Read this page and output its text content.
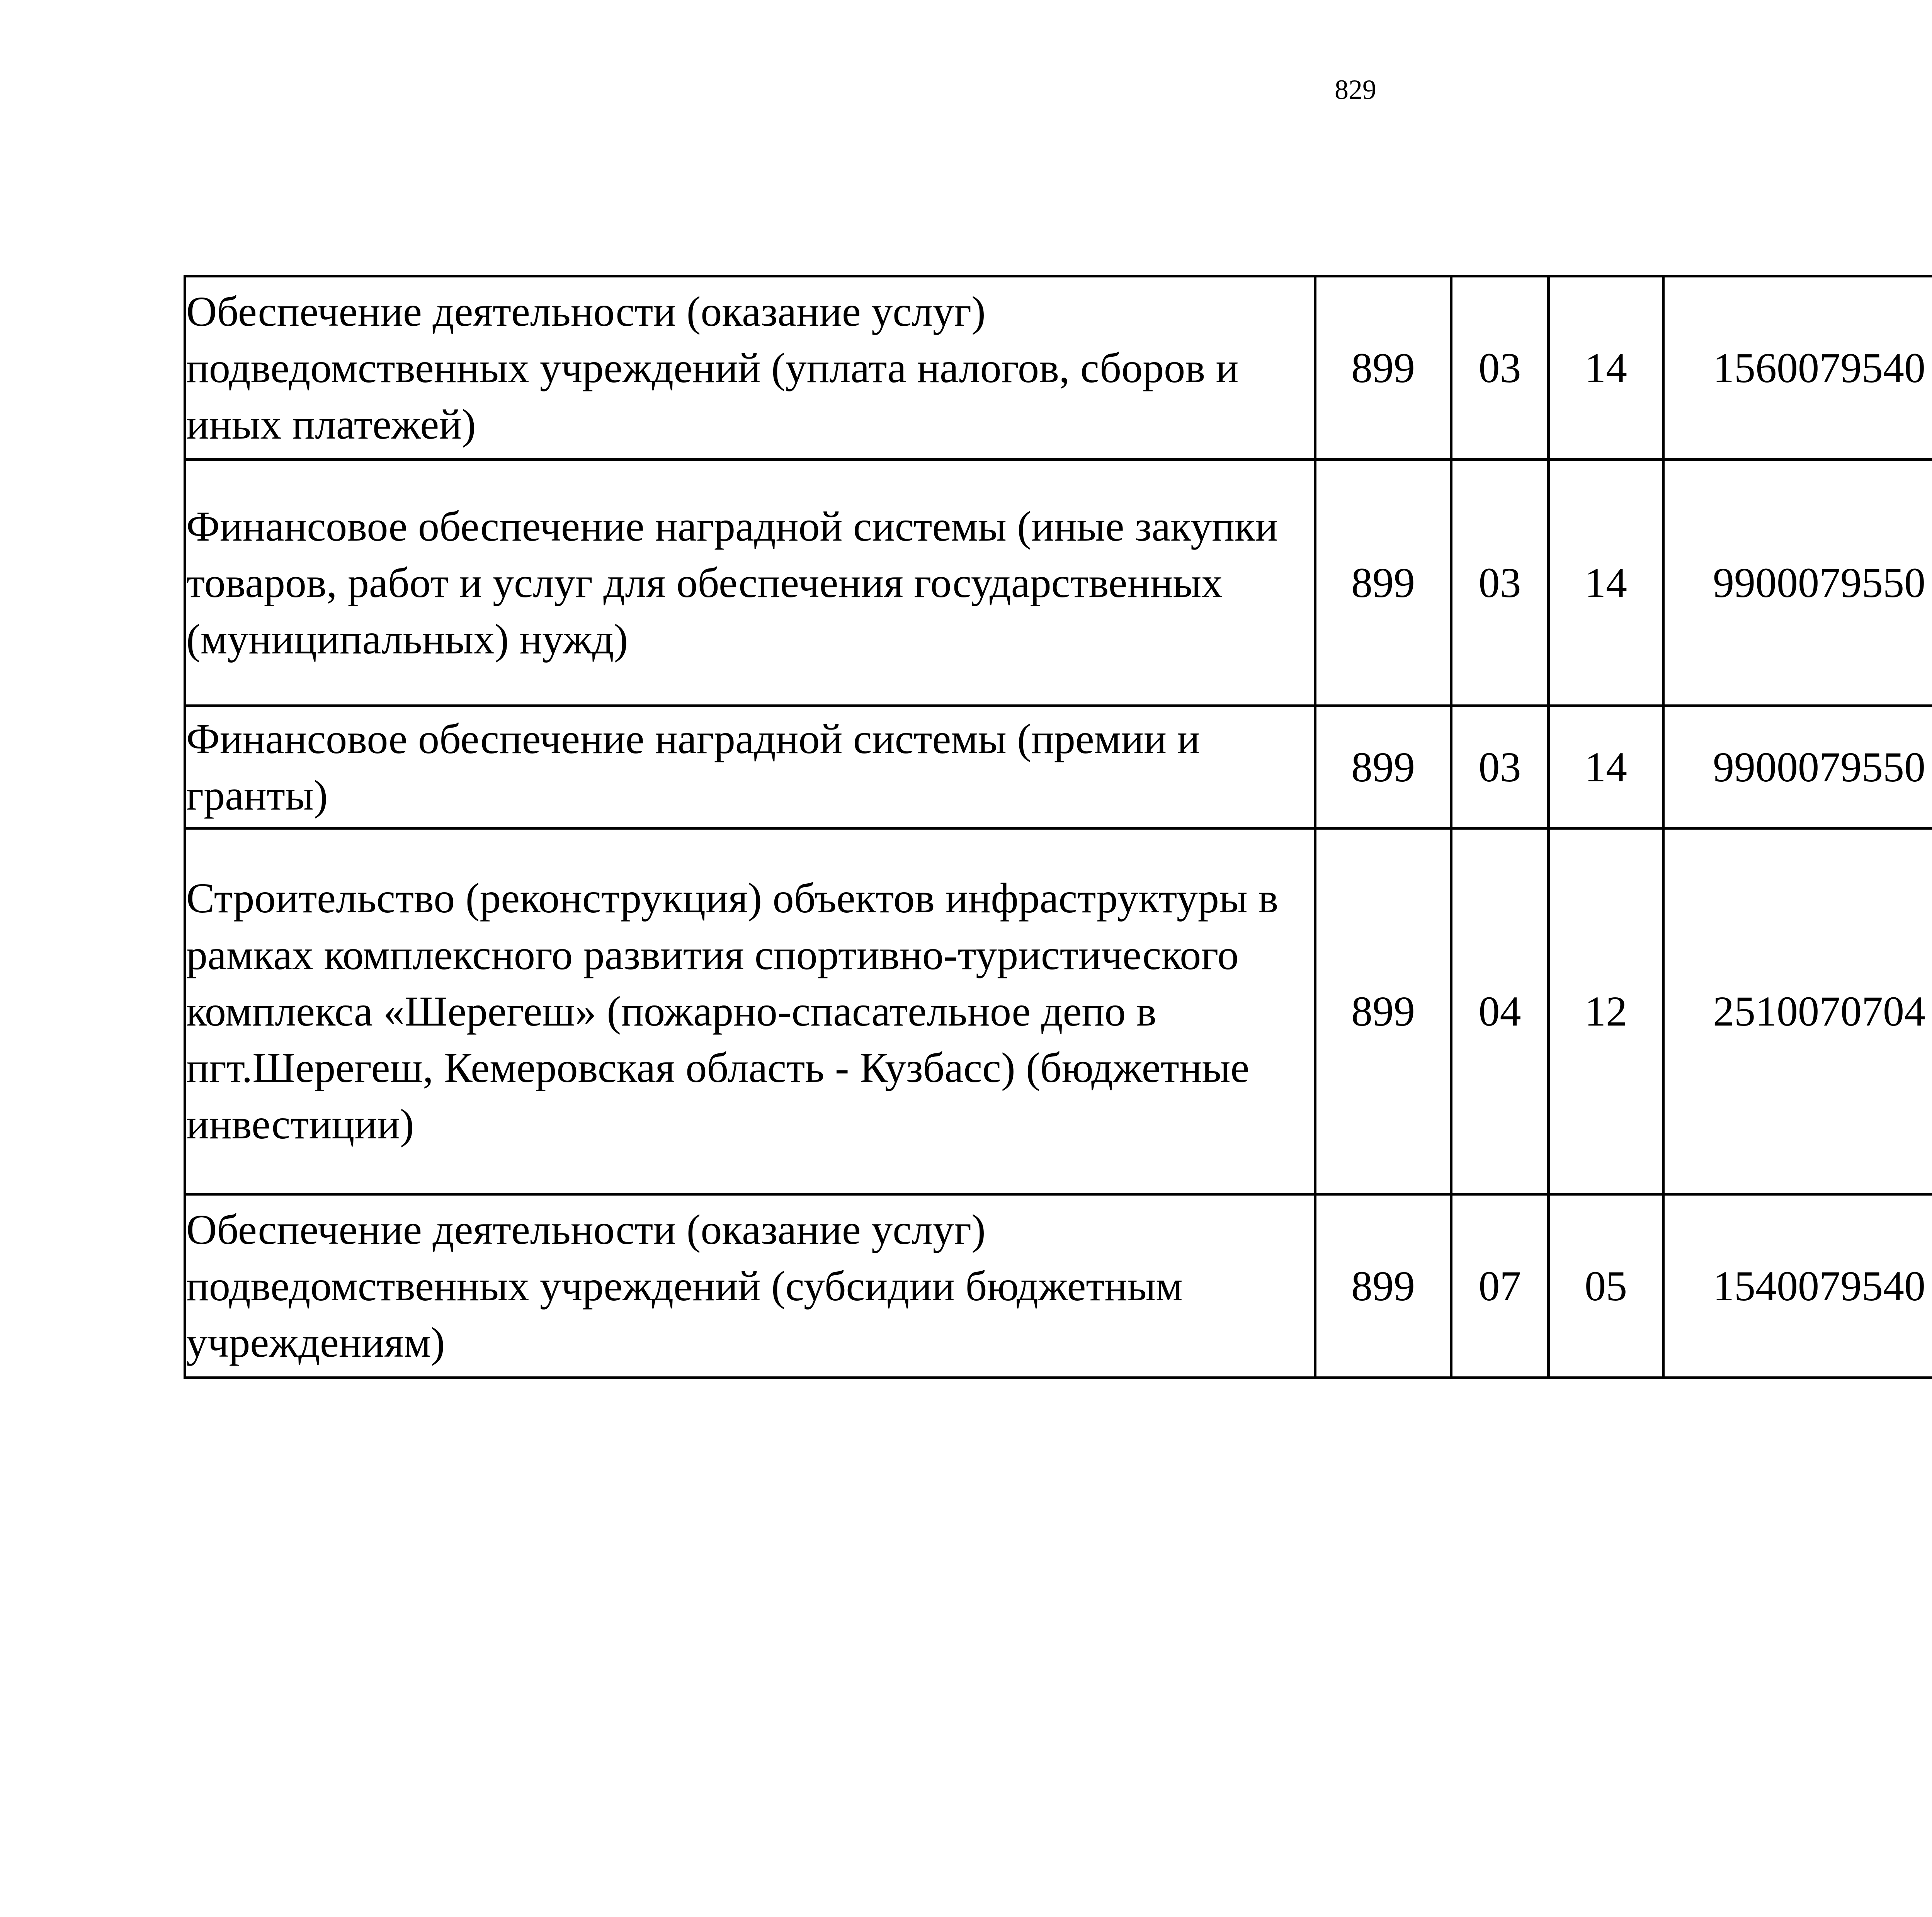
829
Обеспечение деятельности (оказание услуг) подведомственных учреждений (уплата налогов, сборов и иных платежей)	899	03	14	1560079540		
Финансовое обеспечение наградной системы (иные закупки товаров, работ и услуг для обеспечения государственных (муниципальных) нужд)	899	03	14	9900079550		
Финансовое обеспечение наградной системы (премии и гранты)	899	03	14	9900079550		
Строительство (реконструкция) объектов инфраструктуры в рамках комплексного развития спортивно-туристического комплекса «Шерегеш» (пожарно-спасательное депо в пгт.Шерегеш, Кемеровская область - Кузбасс) (бюджетные инвестиции)	899	04	12	2510070704		
Обеспечение деятельности (оказание услуг) подведомственных учреждений (субсидии бюджетным учреждениям)	899	07	05	1540079540		
